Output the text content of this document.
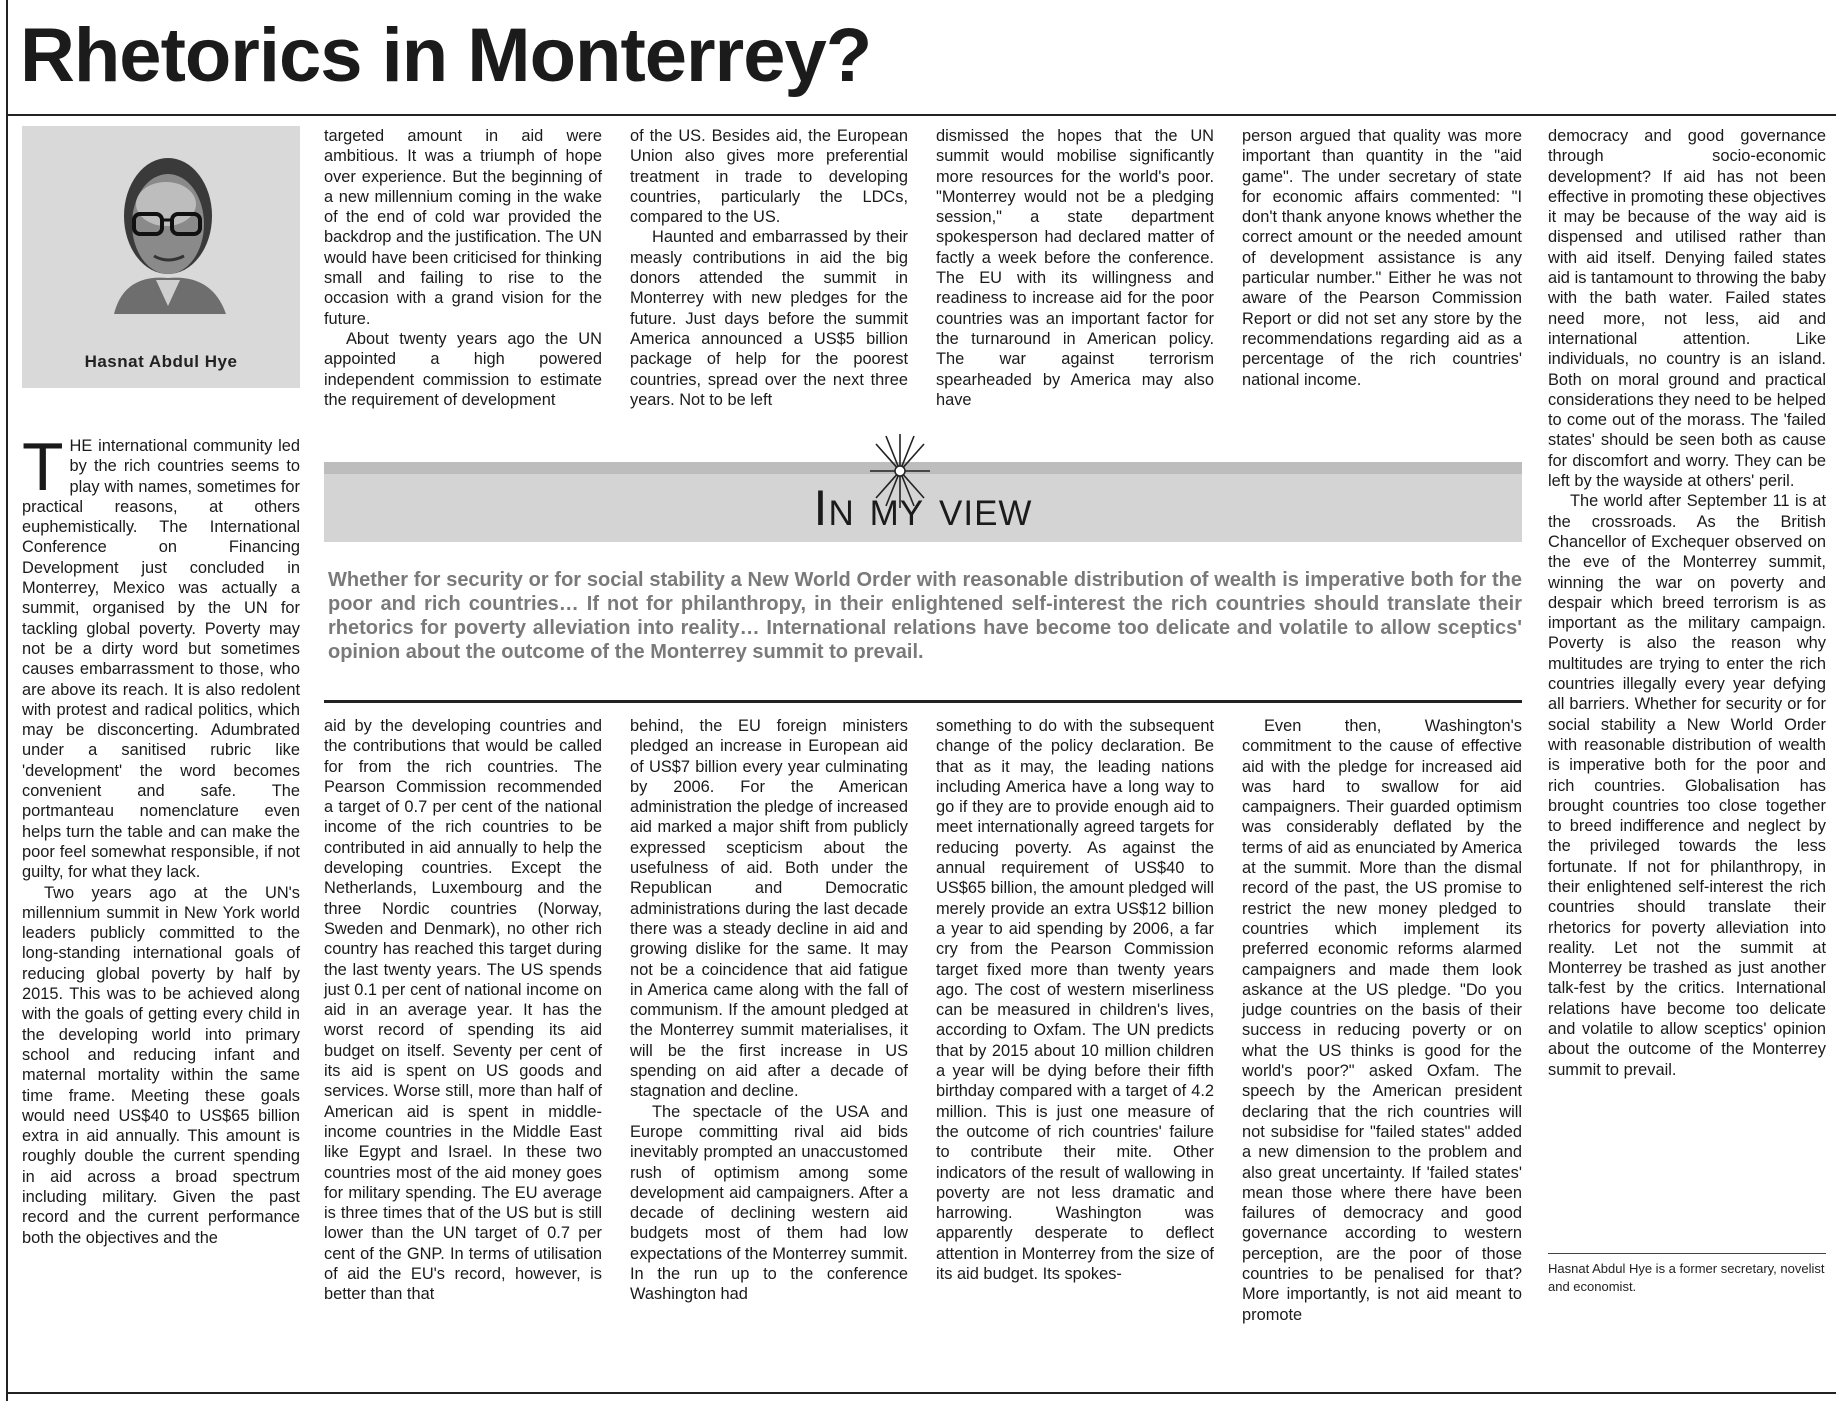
Rhetorics in Monterrey?
Hasnat Abdul Hye

THE international community led by the rich countries seems to play with names, sometimes for practical reasons, at others euphemistically. The International Conference on Financing Development just concluded in Monterrey, Mexico was actually a summit, organised by the UN for tackling global poverty. Poverty may not be a dirty word but sometimes causes embarrassment to those, who are above its reach. It is also redolent with protest and radical politics, which may be disconcerting. Adumbrated under a sanitised rubric like 'development' the word becomes convenient and safe. The portmanteau nomenclature even helps turn the table and can make the poor feel somewhat responsible, if not guilty, for what they lack.

Two years ago at the UN's millennium summit in New York world leaders publicly committed to the long-standing international goals of reducing global poverty by half by 2015. This was to be achieved along with the goals of getting every child in the developing world into primary school and reducing infant and maternal mortality within the same time frame. Meeting these goals would need US$40 to US$65 billion extra in aid annually. This amount is roughly double the current spending in aid across a broad spectrum including military. Given the past record and the current performance both the objectives and the

targeted amount in aid were ambitious. It was a triumph of hope over experience. But the beginning of a new millennium coming in the wake of the end of cold war provided the backdrop and the justification. The UN would have been criticised for thinking small and failing to rise to the occasion with a grand vision for the future.

About twenty years ago the UN appointed a high powered independent commission to estimate the requirement of development

of the US. Besides aid, the European Union also gives more preferential treatment in trade to developing countries, particularly the LDCs, compared to the US.

Haunted and embarrassed by their measly contributions in aid the big donors attended the summit in Monterrey with new pledges for the future. Just days before the summit America announced a US$5 billion package of help for the poorest countries, spread over the next three years. Not to be left

dismissed the hopes that the UN summit would mobilise significantly more resources for the world's poor. "Monterrey would not be a pledging session," a state department spokesperson had declared matter of factly a week before the conference. The EU with its willingness and readiness to increase aid for the poor countries was an important factor for the turnaround in American policy. The war against terrorism spearheaded by America may also have

person argued that quality was more important than quantity in the "aid game". The under secretary of state for economic affairs commented: "I don't thank anyone knows whether the correct amount or the needed amount of development assistance is any particular number." Either he was not aware of the Pearson Commission Report or did not set any store by the recommendations regarding aid as a percentage of the rich countries' national income.

In my view

Whether for security or for social stability a New World Order with reasonable distribution of wealth is imperative both for the poor and rich countries… If not for philanthropy, in their enlightened self-interest the rich countries should translate their rhetorics for poverty alleviation into reality… International relations have become too delicate and volatile to allow sceptics' opinion about the outcome of the Monterrey summit to prevail.

aid by the developing countries and the contributions that would be called for from the rich countries. The Pearson Commission recommended a target of 0.7 per cent of the national income of the rich countries to be contributed in aid annually to help the developing countries. Except the Netherlands, Luxembourg and the three Nordic countries (Norway, Sweden and Denmark), no other rich country has reached this target during the last twenty years. The US spends just 0.1 per cent of national income on aid in an average year. It has the worst record of spending its aid budget on itself. Seventy per cent of its aid is spent on US goods and services. Worse still, more than half of American aid is spent in middle-income countries in the Middle East like Egypt and Israel. In these two countries most of the aid money goes for military spending. The EU average is three times that of the US but is still lower than the UN target of 0.7 per cent of the GNP. In terms of utilisation of aid the EU's record, however, is better than that

behind, the EU foreign ministers pledged an increase in European aid of US$7 billion every year culminating by 2006. For the American administration the pledge of increased aid marked a major shift from publicly expressed scepticism about the usefulness of aid. Both under the Republican and Democratic administrations during the last decade there was a steady decline in aid and growing dislike for the same. It may not be a coincidence that aid fatigue in America came along with the fall of communism. If the amount pledged at the Monterrey summit materialises, it will be the first increase in US spending on aid after a decade of stagnation and decline.

The spectacle of the USA and Europe committing rival aid bids inevitably prompted an unaccustomed rush of optimism among some development aid campaigners. After a decade of declining western aid budgets most of them had low expectations of the Monterrey summit. In the run up to the conference Washington had

something to do with the subsequent change of the policy declaration. Be that as it may, the leading nations including America have a long way to go if they are to provide enough aid to meet internationally agreed targets for reducing poverty. As against the annual requirement of US$40 to US$65 billion, the amount pledged will merely provide an extra US$12 billion a year to aid spending by 2006, a far cry from the Pearson Commission target fixed more than twenty years ago. The cost of western miserliness can be measured in children's lives, according to Oxfam. The UN predicts that by 2015 about 10 million children a year will be dying before their fifth birthday compared with a target of 4.2 million. This is just one measure of the outcome of rich countries' failure to contribute their mite. Other indicators of the result of wallowing in poverty are not less dramatic and harrowing. Washington was apparently desperate to deflect attention in Monterrey from the size of its aid budget. Its spokes-

Even then, Washington's commitment to the cause of effective aid with the pledge for increased aid was hard to swallow for aid campaigners. Their guarded optimism was considerably deflated by the terms of aid as enunciated by America at the summit. More than the dismal record of the past, the US promise to restrict the new money pledged to countries which implement its preferred economic reforms alarmed campaigners and made them look askance at the US pledge. "Do you judge countries on the basis of their success in reducing poverty or on what the US thinks is good for the world's poor?" asked Oxfam. The speech by the American president declaring that the rich countries will not subsidise for "failed states" added a new dimension to the problem and also great uncertainty. If 'failed states' mean those where there have been failures of democracy and good governance according to western perception, are the poor of those countries to be penalised for that? More importantly, is not aid meant to promote

democracy and good governance through socio-economic development? If aid has not been effective in promoting these objectives it may be because of the way aid is dispensed and utilised rather than with aid itself. Denying failed states aid is tantamount to throwing the baby with the bath water. Failed states need more, not less, aid and international attention. Like individuals, no country is an island. Both on moral ground and practical considerations they need to be helped to come out of the morass. The 'failed states' should be seen both as cause for discomfort and worry. They can be left by the wayside at others' peril.

The world after September 11 is at the crossroads. As the British Chancellor of Exchequer observed on the eve of the Monterrey summit, winning the war on poverty and despair which breed terrorism is as important as the military campaign. Poverty is also the reason why multitudes are trying to enter the rich countries illegally every year defying all barriers. Whether for security or for social stability a New World Order with reasonable distribution of wealth is imperative both for the poor and rich countries. Globalisation has brought countries too close together to breed indifference and neglect by the privileged towards the less fortunate. If not for philanthropy, in their enlightened self-interest the rich countries should translate their rhetorics for poverty alleviation into reality. Let not the summit at Monterrey be trashed as just another talk-fest by the critics. International relations have become too delicate and volatile to allow sceptics' opinion about the outcome of the Monterrey summit to prevail.

Hasnat Abdul Hye is a former secretary, novelist and economist.
